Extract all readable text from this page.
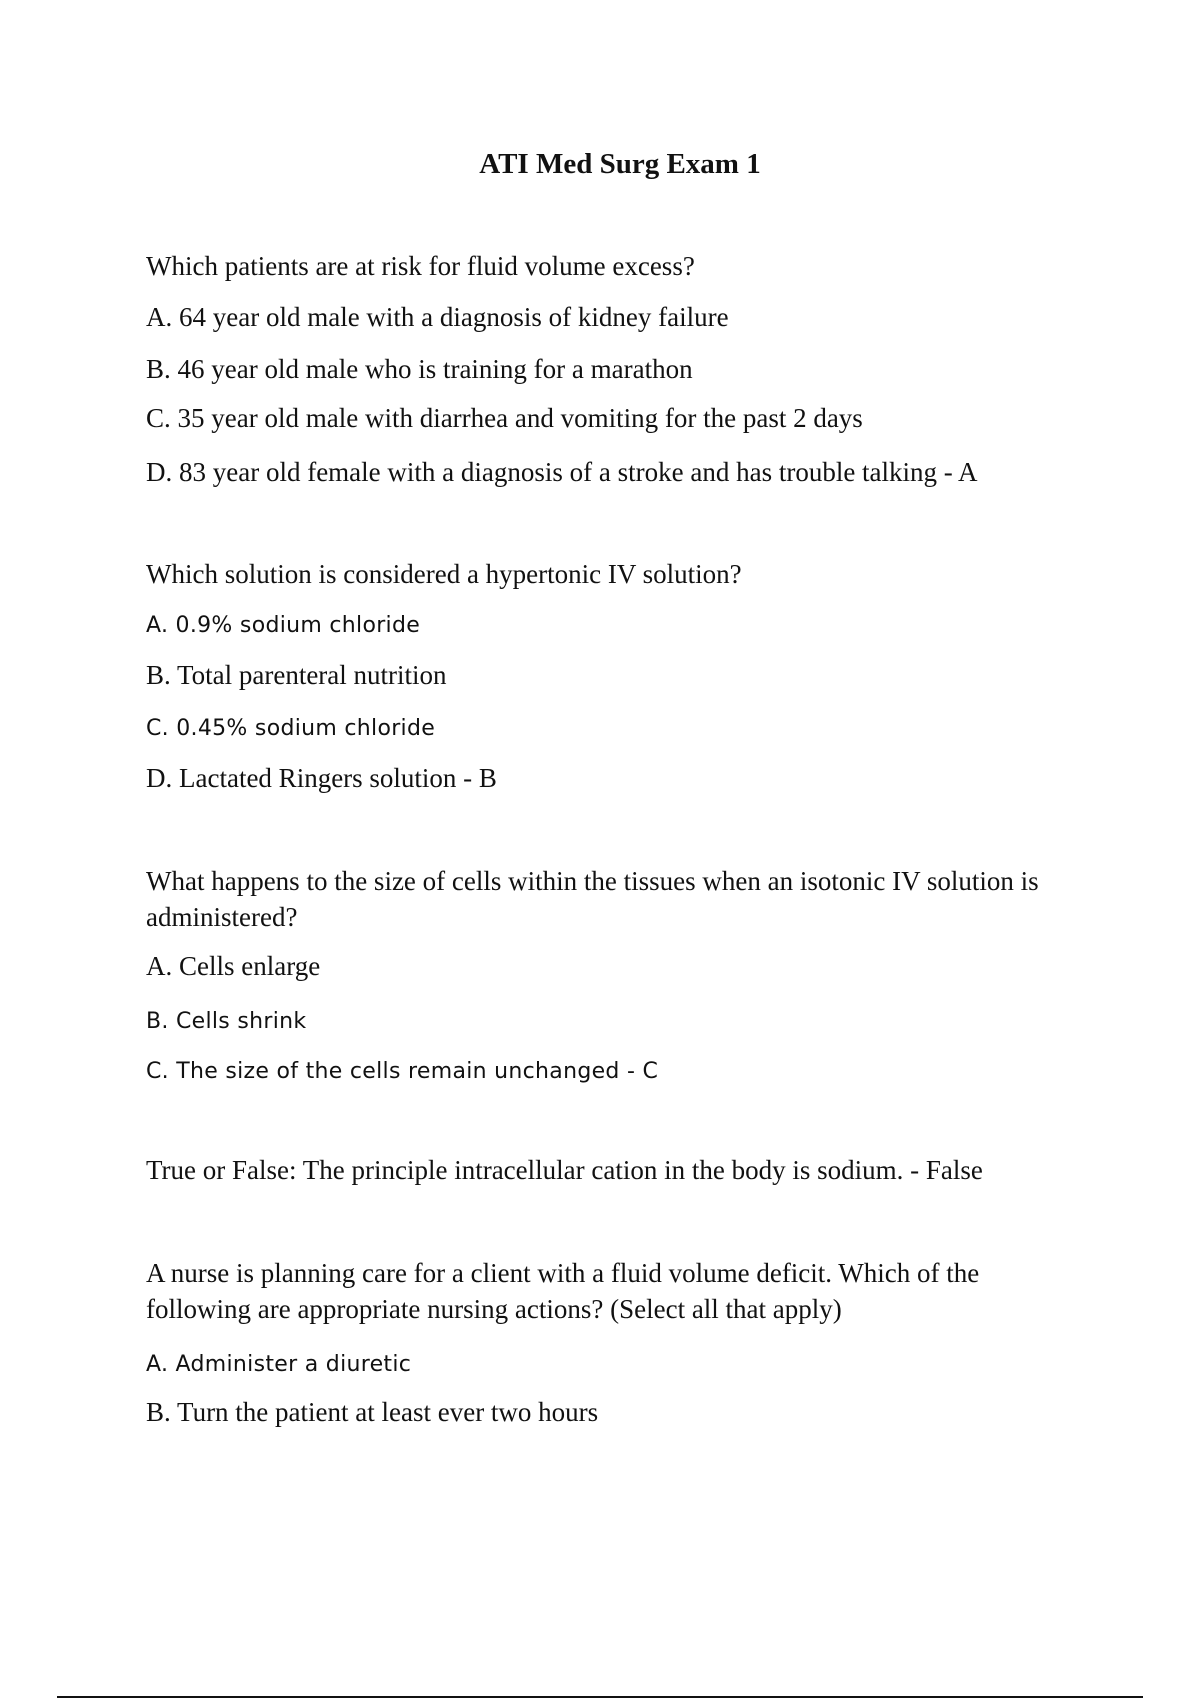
ATI Med Surg Exam 1
Which patients are at risk for fluid volume excess?
A. 64 year old male with a diagnosis of kidney failure
B. 46 year old male who is training for a marathon
C. 35 year old male with diarrhea and vomiting for the past 2 days
D. 83 year old female with a diagnosis of a stroke and has trouble talking - A
Which solution is considered a hypertonic IV solution?
A. 0.9% sodium chloride
B. Total parenteral nutrition
C. 0.45% sodium chloride
D. Lactated Ringers solution - B
What happens to the size of cells within the tissues when an isotonic IV solution is
administered?
A. Cells enlarge
B. Cells shrink
C. The size of the cells remain unchanged - C
True or False: The principle intracellular cation in the body is sodium. - False
A nurse is planning care for a client with a fluid volume deficit. Which of the
following are appropriate nursing actions? (Select all that apply)
A. Administer a diuretic
B. Turn the patient at least ever two hours
